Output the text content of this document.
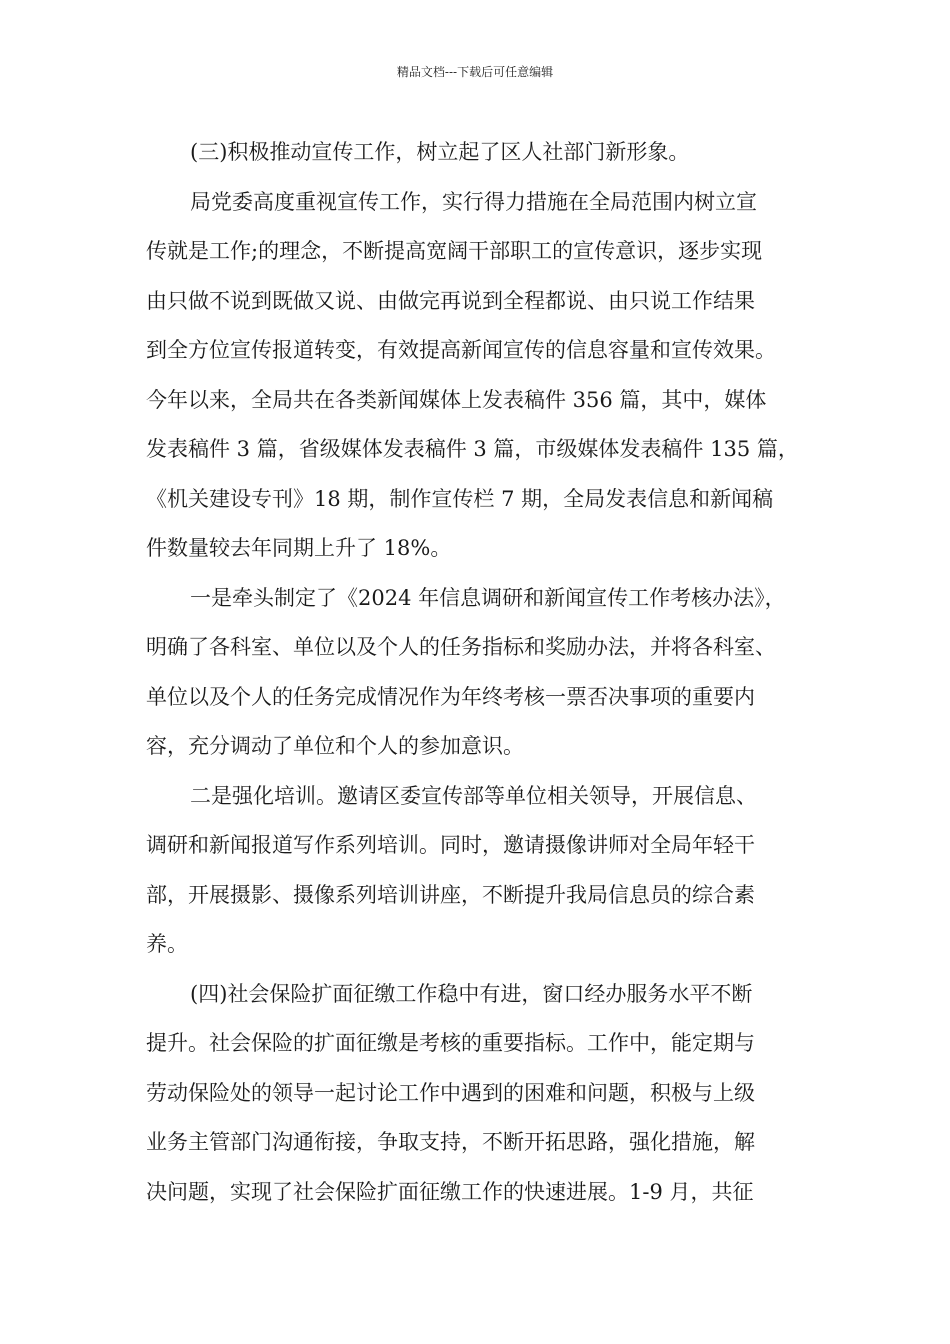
精品文档---下载后可任意编辑
(三)积极推动宣传工作，树立起了区人社部门新形象。
局党委高度重视宣传工作，实行得力措施在全局范围内树立宣
传就是工作;的理念，不断提高宽阔干部职工的宣传意识，逐步实现
由只做不说到既做又说、由做完再说到全程都说、由只说工作结果
到全方位宣传报道转变，有效提高新闻宣传的信息容量和宣传效果。
今年以来，全局共在各类新闻媒体上发表稿件 356 篇，其中，媒体
发表稿件 3 篇，省级媒体发表稿件 3 篇，市级媒体发表稿件 135 篇，
《机关建设专刊》18 期，制作宣传栏 7 期，全局发表信息和新闻稿
件数量较去年同期上升了 18%。
一是牵头制定了《2024 年信息调研和新闻宣传工作考核办法》，
明确了各科室、单位以及个人的任务指标和奖励办法，并将各科室、
单位以及个人的任务完成情况作为年终考核一票否决事项的重要内
容，充分调动了单位和个人的参加意识。
二是强化培训。邀请区委宣传部等单位相关领导，开展信息、
调研和新闻报道写作系列培训。同时，邀请摄像讲师对全局年轻干
部，开展摄影、摄像系列培训讲座，不断提升我局信息员的综合素
养。
(四)社会保险扩面征缴工作稳中有进，窗口经办服务水平不断
提升。社会保险的扩面征缴是考核的重要指标。工作中，能定期与
劳动保险处的领导一起讨论工作中遇到的困难和问题，积极与上级
业务主管部门沟通衔接，争取支持，不断开拓思路，强化措施，解
决问题，实现了社会保险扩面征缴工作的快速进展。1-9 月，共征
